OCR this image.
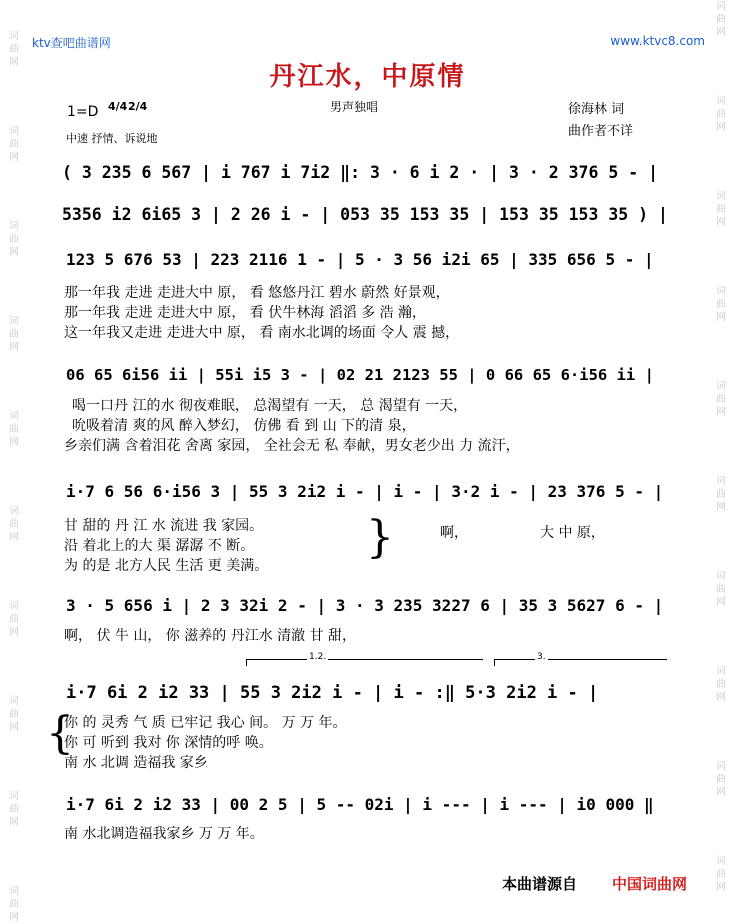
词曲网
词曲网
词曲网
词曲网
词曲网
词曲网
词曲网
词曲网
词曲网
词曲网
词曲网
词曲网
词曲网
词曲网
词曲网
词曲网
词曲网
词曲网
词曲网
词曲网
ktv查吧曲谱网	www.ktvc8.com
丹江水，中原情
1=D 4/4 2/4
中速 抒情、诉说地
男声独唱	徐海林 词
曲作者不详
( 3 235 6 567 | i 767 i 7i2 ‖: 3 · 6 i 2 · | 3 · 2 376 5 - |
5356 i2 6i65 3 | 2 26 i - | 053 35 153 35 | 153 35 153 35 ) |
123 5 676 53 | 223 2116 1 - | 5 · 3 56 i2i 65 | 335 656 5 - |
那一年我 走进 走进大中 原， 看 悠悠丹江 碧水 蔚然 好景观，
那一年我 走进 走进大中 原， 看 伏牛林海 滔滔 多 浩 瀚，
这一年我又走进 走进大中 原， 看 南水北调的场面 令人 震 撼，
06 65 6i56 ii | 55i i5 3 - | 02 21 2123 55 | 0 66 65 6·i56 ii |
喝一口丹 江的水 彻夜难眠， 总渴望有 一天， 总 渴望有 一天，
吮吸着清 爽的风 醉入梦幻， 仿佛 看 到 山 下的清 泉，
乡亲们满 含着泪花 舍离 家园， 全社会无 私 奉献，男女老少出 力 流汗，
i·7 6 56 6·i56 3 | 55 3 2i2 i - | i - | 3·2 i - | 23 376 5 - |
甘 甜的 丹 江 水 流进 我 家园。
沿 着北上的大 渠 潺潺 不 断。
为 的是 北方人民 生活 更 美满。
}	啊，	大 中 原，
3 · 5 656 i | 2 3 32i 2 - | 3 · 3 235 3227 6 | 35 3 5627 6 - |
啊， 伏 牛 山， 你 滋养的 丹江水 清澈 甘 甜，
1.2.	3.
i·7 6i 2 i2 33 | 55 3 2i2 i - | i - :‖ 5·3 2i2 i - |
{
你 的 灵秀 气 质 已牢记 我心 间。 万 万 年。
你 可 听到 我对 你 深情的呼 唤。
南 水 北调 造福我 家乡
i·7 6i 2 i2 33 | 00 2 5 | 5 -- 02i | i --- | i --- | i0 000 ‖
南 水北调造福我家乡 万 万 年。
本曲谱源自 中国词曲网
